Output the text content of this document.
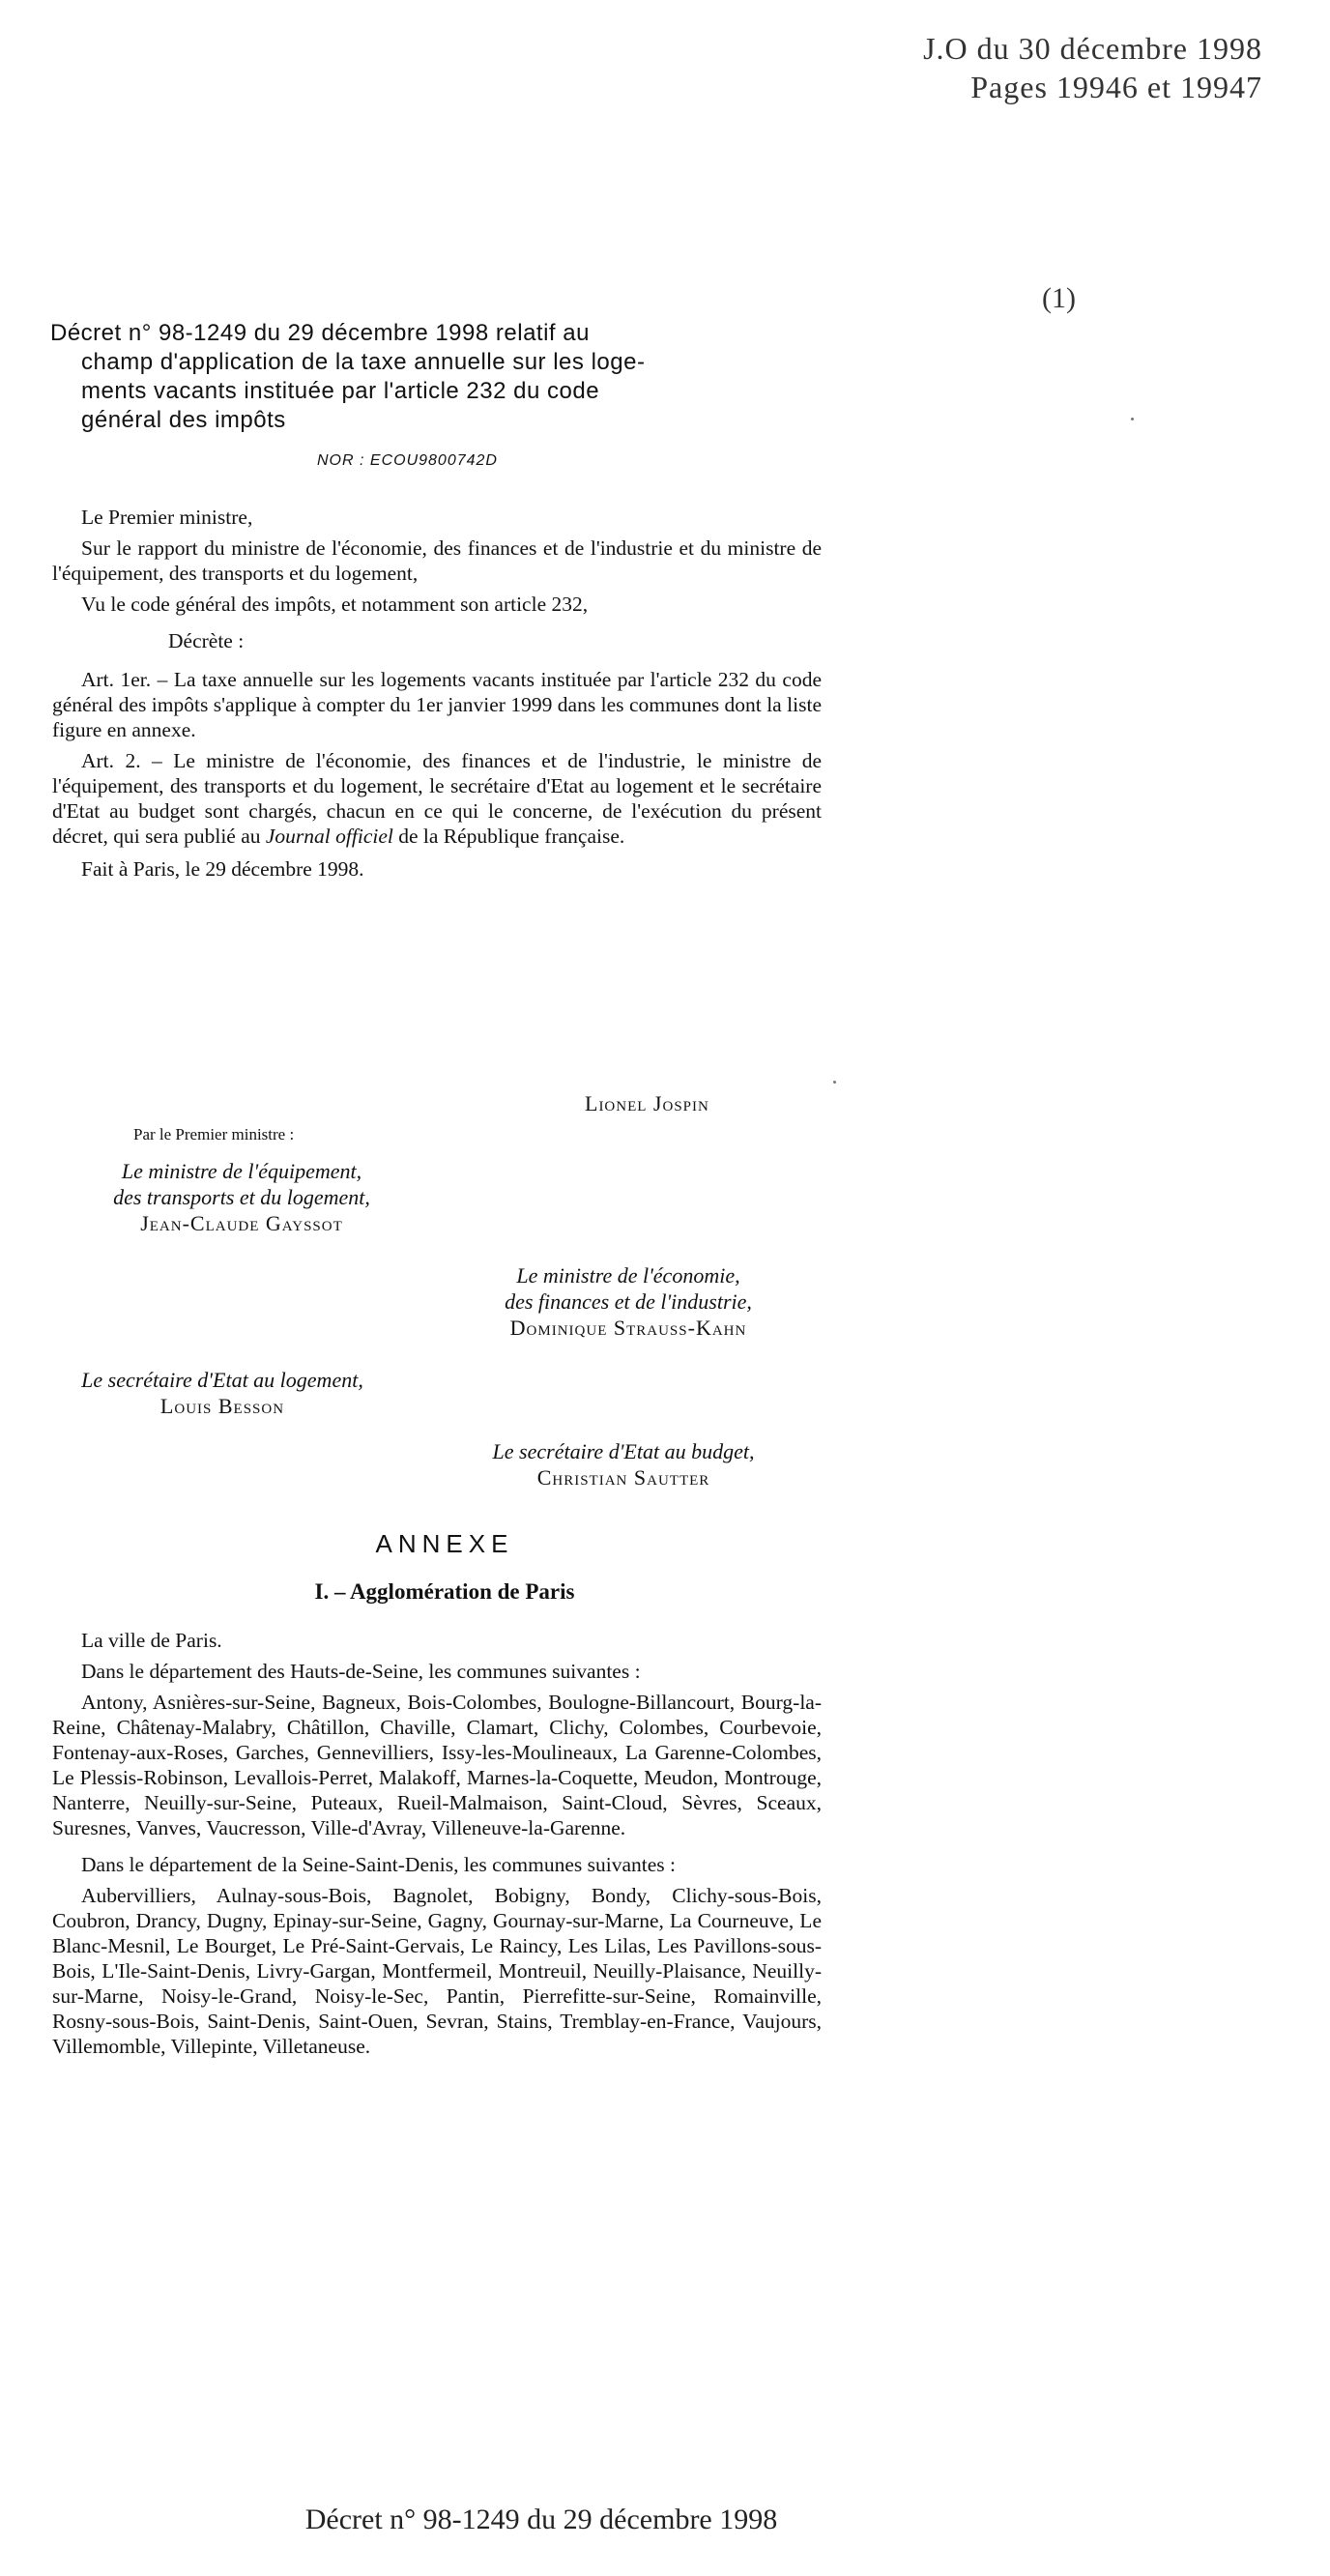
J.O du 30 décembre 1998
Pages 19946 et 19947
(1)
Décret n° 98-1249 du 29 décembre 1998 relatif au
champ d'application de la taxe annuelle sur les loge-
ments vacants instituée par l'article 232 du code
général des impôts
NOR : ECOU9800742D

Le Premier ministre,

Sur le rapport du ministre de l'économie, des finances et de l'industrie et du ministre de l'équipement, des transports et du logement,

Vu le code général des impôts, et notamment son article 232,

Décrète :

Art. 1er. – La taxe annuelle sur les logements vacants instituée par l'article 232 du code général des impôts s'applique à compter du 1er janvier 1999 dans les communes dont la liste figure en annexe.

Art. 2. – Le ministre de l'économie, des finances et de l'industrie, le ministre de l'équipement, des transports et du logement, le secrétaire d'Etat au logement et le secrétaire d'Etat au budget sont chargés, chacun en ce qui le concerne, de l'exécution du présent décret, qui sera publié au Journal officiel de la République française.

Fait à Paris, le 29 décembre 1998.

Lionel Jospin
Par le Premier ministre :
Le ministre de l'équipement,
des transports et du logement,
Jean-Claude Gayssot
Le ministre de l'économie,
des finances et de l'industrie,
Dominique Strauss-Kahn
Le secrétaire d'Etat au logement,
Louis Besson
Le secrétaire d'Etat au budget,
Christian Sautter
ANNEXE
I. – Agglomération de Paris

La ville de Paris.

Dans le département des Hauts-de-Seine, les communes suivantes :

Antony, Asnières-sur-Seine, Bagneux, Bois-Colombes, Boulogne-Billancourt, Bourg-la-Reine, Châtenay-Malabry, Châtillon, Chaville, Clamart, Clichy, Colombes, Courbevoie, Fontenay-aux-Roses, Garches, Gennevilliers, Issy-les-Moulineaux, La Garenne-Colombes, Le Plessis-Robinson, Levallois-Perret, Malakoff, Marnes-la-Coquette, Meudon, Montrouge, Nanterre, Neuilly-sur-Seine, Puteaux, Rueil-Malmaison, Saint-Cloud, Sèvres, Sceaux, Suresnes, Vanves, Vaucresson, Ville-d'Avray, Villeneuve-la-Garenne.

Dans le département de la Seine-Saint-Denis, les communes suivantes :

Aubervilliers, Aulnay-sous-Bois, Bagnolet, Bobigny, Bondy, Clichy-sous-Bois, Coubron, Drancy, Dugny, Epinay-sur-Seine, Gagny, Gournay-sur-Marne, La Courneuve, Le Blanc-Mesnil, Le Bourget, Le Pré-Saint-Gervais, Le Raincy, Les Lilas, Les Pavillons-sous-Bois, L'Ile-Saint-Denis, Livry-Gargan, Montfermeil, Montreuil, Neuilly-Plaisance, Neuilly-sur-Marne, Noisy-le-Grand, Noisy-le-Sec, Pantin, Pierrefitte-sur-Seine, Romainville, Rosny-sous-Bois, Saint-Denis, Saint-Ouen, Sevran, Stains, Tremblay-en-France, Vaujours, Villemomble, Villepinte, Villetaneuse.

Décret n° 98-1249 du 29 décembre 1998
